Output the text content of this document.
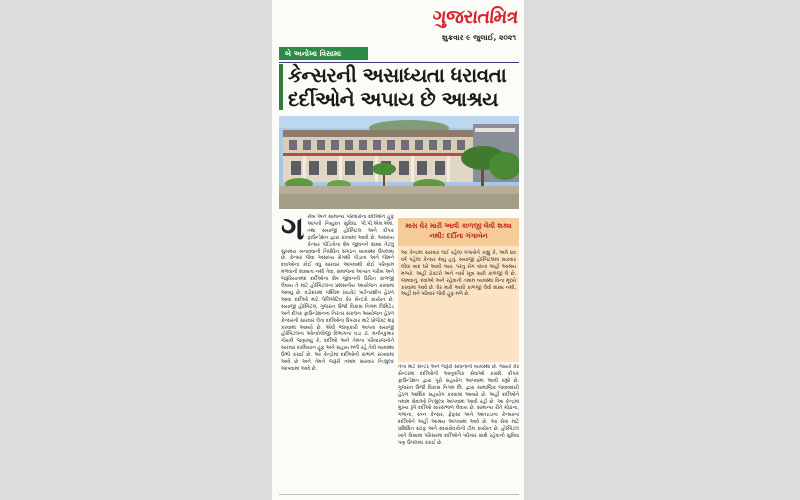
ગુજરાતમિત્ર
શુક્રવાર ૯ જુલાઈ, ૨૦૨૧
બે અનોખા વિસામા
કેન્સરની અસાધ્યતા ધરાવતા
દર્દીઓને અપાય છે આશ્રય
ગ રીબ અને સામાન્ય પરિવારોના દર્દીઓને હૂંફ આપતી નિયુક્ત સુવિધા. પી.પી.એમ.એલ. તથા સયાજી હોસ્પિટલ અને દીપક ફાઉન્ડેશન દ્વારા કરવામાં આવી છે. અસાધ્ય કેન્સર પીડિતોના શેષ જીવનને શક્ય તેટલું સુખમય બનાવવાની નિર્ધારિત સંગઠન વ્યવસ્થા ઉપલબ્ધ છે. કેન્સર જેવા અસાધ્ય રોગથી પીડાતા અને જેમને દવાઓના કોઈ વધુ સારવાર આપવાથી કોઈ પરિણામ મળવાની શક્યતા નથી તેવા, સમાજના અત્યંત ગરીબ અને જરૂરિયાતમંદ દર્દીઓના શેષ જીવનની ઉચિત કાળજી લેવાય તે માટે હોસ્પિટલના પ્રશંસનીય આયોજન કરવામાં આવ્યું છે. વડોદરામાં પશ્ચિમ પ્રાઇવેટ પાર્ટનરશીપ હેઠળ આવા દર્દીઓ માટે પેલિએટિવ કેર સેન્ટરો કાર્યરત છે. સયાજી હોસ્પિટલ, ગુજરાત ઉર્જા વિકાસ નિગમ લિમિટેડ અને દીપક ફાઉન્ડેશનના નિરંતર સંકલન આયોજન હેઠળ કેન્સરની સારવાર લેતા દર્દીઓના ઉપચાર માટે પ્રોજેક્ટ શરૂ કરવામાં આવ્યો છે. એવી જાણકારી આપતા સયાજી હોસ્પિટલના ઓન્કોલોજી વિભાગના વડા ડૉ. મનીષકુમાર ગોયલે જણાવ્યું કે, દર્દીઓ અને તેમના પરિવારજનોને સારવાર દરમિયાન હૂંફ અને સહાય મળી રહે તેવી વ્યવસ્થા ઉભી કરાઈ છે. આ કેન્દ્રોમાં દર્દીઓની સંભાળ રાખવામાં આવે છે અને તેમને જરૂરી તમામ સારવાર નિઃશુલ્ક આપવામાં આવે છે.
માસ ઘેર મારી આવી કાળજી લેવી શક્ય નથી: દર્દીના ગંગાબેન
આ કેન્દ્રમાં સારવાર લઈ રહેલા ગંગાબેને કહ્યું કે, અમે ૪૦ વર્ષ પહેલા કેન્સર થયું હતું. સયાજી હોસ્પિટલમાં સારવાર લીધા બાદ ઘરે આવી ગયા. પરંતુ રોગ વધતાં અહીં આશ્રય મળ્યો. અહીં ડોક્ટરો અને નર્સો ખૂબ સારી કાળજી લે છે. જમવાનું, દવાઓ અને રહેવાની તમામ વ્યવસ્થા વિના મૂલ્યે કરવામાં આવે છે. ઘેર મારી આવી કાળજી લેવી શક્ય નથી, અહીં મને પરિવાર જેવી હૂંફ મળે છે.
તેના માટે સેન્ટર અને જરૂરી સાધનોની વ્યવસ્થા છે. જ્યારે કેર સેન્ટરમાં દર્દીઓની આનુષંગિક સેવાઓ કરાશે. દીપક ફાઉન્ડેશન દ્વારા પૂરો સહયોગ આપવામાં આવી રહ્યો છે. ગુજરાત ઉર્જા વિકાસ નિગમ લિ. દ્વારા સામાજિક જવાબદારી હેઠળ આર્થિક સહયોગ કરવામાં આવ્યો છે. અહીં દર્દીઓને તમામ સેવાઓ નિઃશુલ્ક આપવામાં આવી રહી છે. આ કેન્દ્રમાં મુખ્ય રૂપે દર્દીઓ સારસંભાળ લેવાય છે. સામાન્ય રીતે મોઢાના, ગળાના, સ્તન કેન્સર, ફેફસાં અને આંતરડાના કેન્સરના દર્દીઓને અહીં આશ્રય આપવામાં આવે છે. આ સેવા માટે પ્રશિક્ષિત સ્ટાફ અને સ્વયંસેવકોની ટીમ કાર્યરત છે. હોસ્પિટલ ખાતે વિસામા પરિસરમાં દર્દીઓને પરિવાર સાથે રહેવાની સુવિધા પણ ઉપલબ્ધ કરાઈ છે.
